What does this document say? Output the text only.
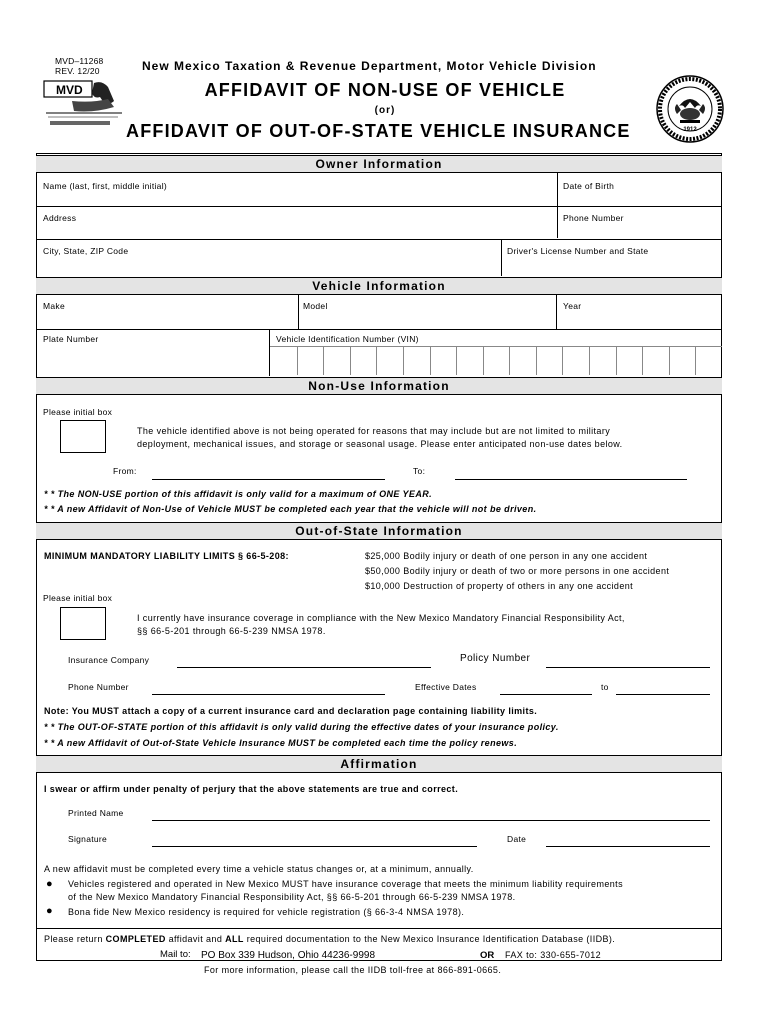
MVD–11268
REV. 12/20
MVD
New Mexico Taxation & Revenue Department, Motor Vehicle Division
AFFIDAVIT OF NON-USE OF VEHICLE
(or)
AFFIDAVIT OF OUT-OF-STATE VEHICLE INSURANCE	1912
Owner Information
Name (last, first, middle initial)	Date of Birth
Address	Phone Number
City, State, ZIP Code	Driver's License Number and State
Vehicle Information
Make	Model	Year
Plate Number	Vehicle Identification Number (VIN)
Non-Use Information
Please initial box
The vehicle identified above is not being operated for reasons that may include but are not limited to military
deployment, mechanical issues, and storage or seasonal usage. Please enter anticipated non-use dates below.
From:	To:
* * The NON-USE portion of this affidavit is only valid for a maximum of ONE YEAR.
* * A new Affidavit of Non-Use of Vehicle MUST be completed each year that the vehicle will not be driven.
Out-of-State Information
MINIMUM MANDATORY LIABILITY LIMITS § 66-5-208:	$25,000 Bodily injury or death of one person in any one accident
$50,000 Bodily injury or death of two or more persons in one accident
$10,000 Destruction of property of others in any one accident
Please initial box
I currently have insurance coverage in compliance with the New Mexico Mandatory Financial Responsibility Act,
§§ 66-5-201 through 66-5-239 NMSA 1978.
Insurance Company	Policy Number
Phone Number	Effective Dates	to
Note: You MUST attach a copy of a current insurance card and declaration page containing liability limits.
* * The OUT-OF-STATE portion of this affidavit is only valid during the effective dates of your insurance policy.
* * A new Affidavit of Out-of-State Vehicle Insurance MUST be completed each time the policy renews.
Affirmation
I swear or affirm under penalty of perjury that the above statements are true and correct.
Printed Name
Signature	Date
A new affidavit must be completed every time a vehicle status changes or, at a minimum, annually.
● Vehicles registered and operated in New Mexico MUST have insurance coverage that meets the minimum liability requirements
of the New Mexico Mandatory Financial Responsibility Act, §§ 66-5-201 through 66-5-239 NMSA 1978.
● Bona fide New Mexico residency is required for vehicle registration (§ 66-3-4 NMSA 1978).
Please return COMPLETED affidavit and ALL required documentation to the New Mexico Insurance Identification Database (IIDB).
Mail to: PO Box 339 Hudson, Ohio 44236-9998	OR FAX to: 330-655-7012
For more information, please call the IIDB toll-free at 866-891-0665.
